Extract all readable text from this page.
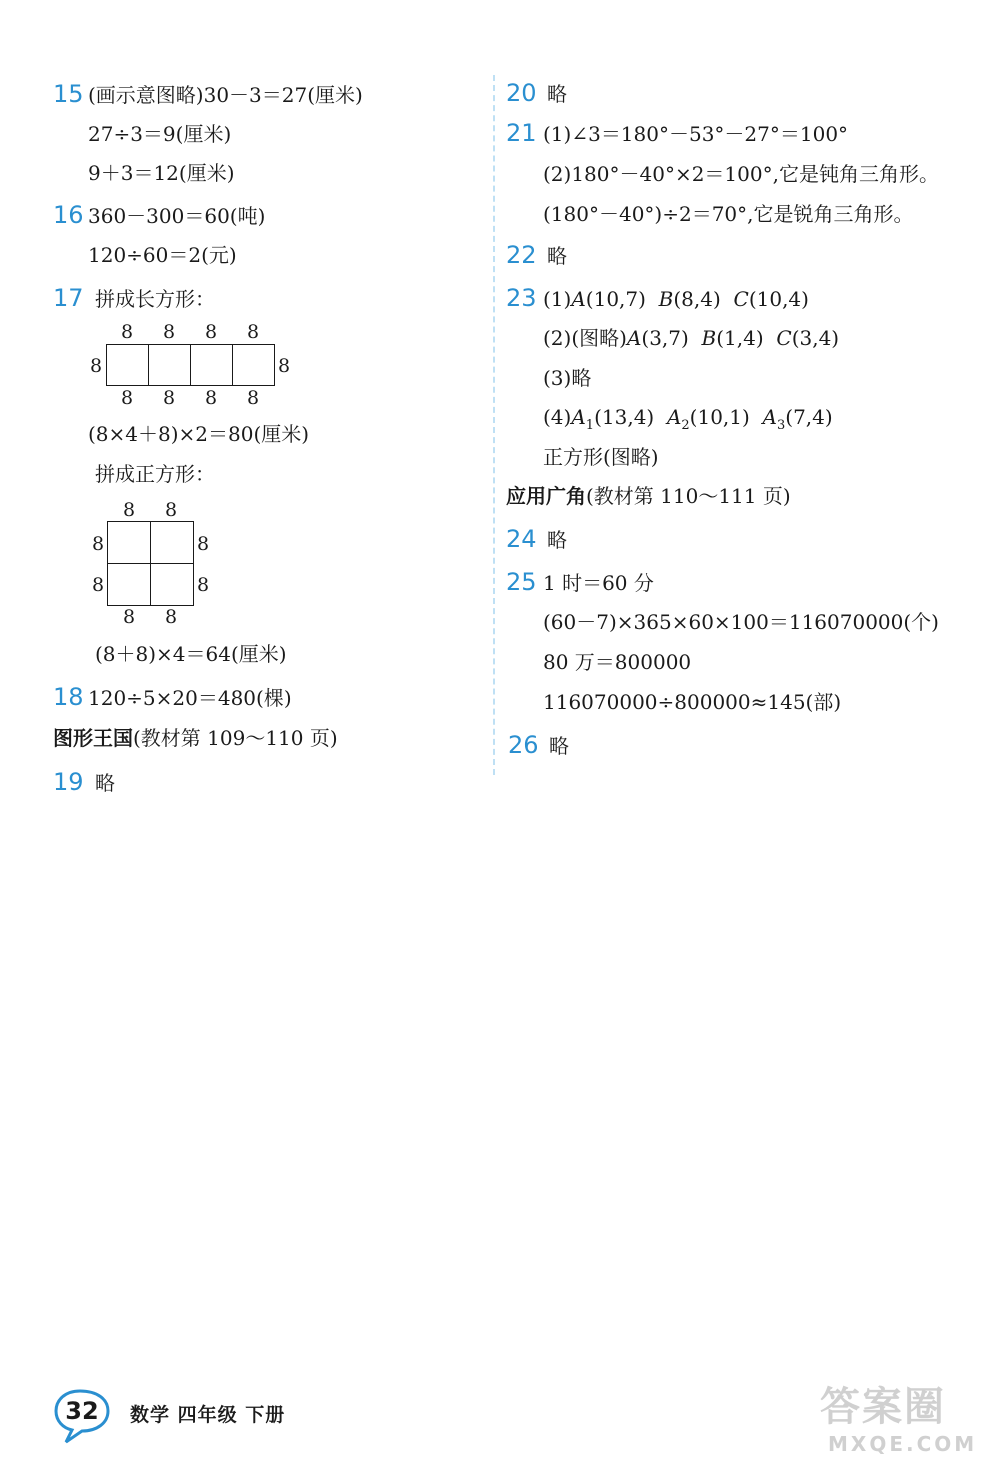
15 (画示意图略)30－3＝27(厘米)
27÷3＝9(厘米)
9＋3＝12(厘米)
16 360－300＝60(吨)
120÷60＝2(元)
17 拼成长方形：
8 8 8 8
8 8 8 8
8	8
(8×4＋8)×2＝80(厘米)
拼成正方形：
8 8
8 8
8
8
8
8
(8＋8)×4＝64(厘米)
18 120÷5×20＝480(棵)
图形王国(教材第 109～110 页)
19 略
20 略
21 (1)∠3＝180°－53°－27°＝100°
(2)180°－40°×2＝100°,它是钝角三角形。
(180°－40°)÷2＝70°,它是锐角三角形。
22 略
23 (1)A(10,7) B(8,4) C(10,4)
(2)(图略)A(3,7) B(1,4) C(3,4)
(3)略
$(4)A_1(13,4)$ $A_2(10,1)$ $A_3(7,4)$
正方形(图略)
应用广角(教材第 110～111 页)
24 略
25 1 时＝60 分
(60－7)×365×60×100＝116070000(个)
80 万＝800000
116070000÷800000≈145(部)
26 略
32	数学 四年级 下册	答案圈
MXQE.COM
